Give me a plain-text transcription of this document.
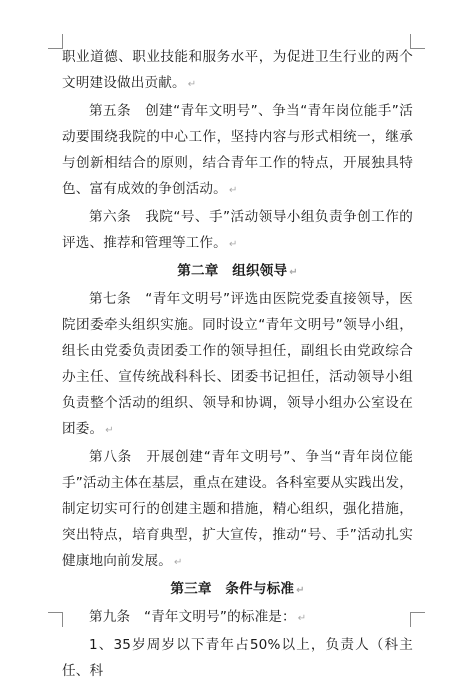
职业道德、职业技能和服务水平，为促进卫生行业的两个文明建设做出贡献。 ↵

第五条　创建“青年文明号”、争当“青年岗位能手”活动要围绕我院的中心工作，坚持内容与形式相统一，继承与创新相结合的原则，结合青年工作的特点，开展独具特色、富有成效的争创活动。 ↵

第六条　我院“号、手”活动领导小组负责争创工作的评选、推荐和管理等工作。 ↵

第二章　组织领导 ↵

第七条　“青年文明号”评选由医院党委直接领导，医院团委牵头组织实施。同时设立“青年文明号”领导小组，组长由党委负责团委工作的领导担任，副组长由党政综合办主任、宣传统战科科长、团委书记担任，活动领导小组负责整个活动的组织、领导和协调，领导小组办公室设在团委。 ↵

第八条　开展创建“青年文明号”、争当“青年岗位能手”活动主体在基层，重点在建设。各科室要从实践出发，制定切实可行的创建主题和措施，精心组织，强化措施，突出特点，培育典型，扩大宣传，推动“号、手”活动扎实健康地向前发展。 ↵

第三章　条件与标准 ↵

第九条　“青年文明号”的标准是： ↵

1、35岁周岁以下青年占50%以上，负责人（科主任、科
